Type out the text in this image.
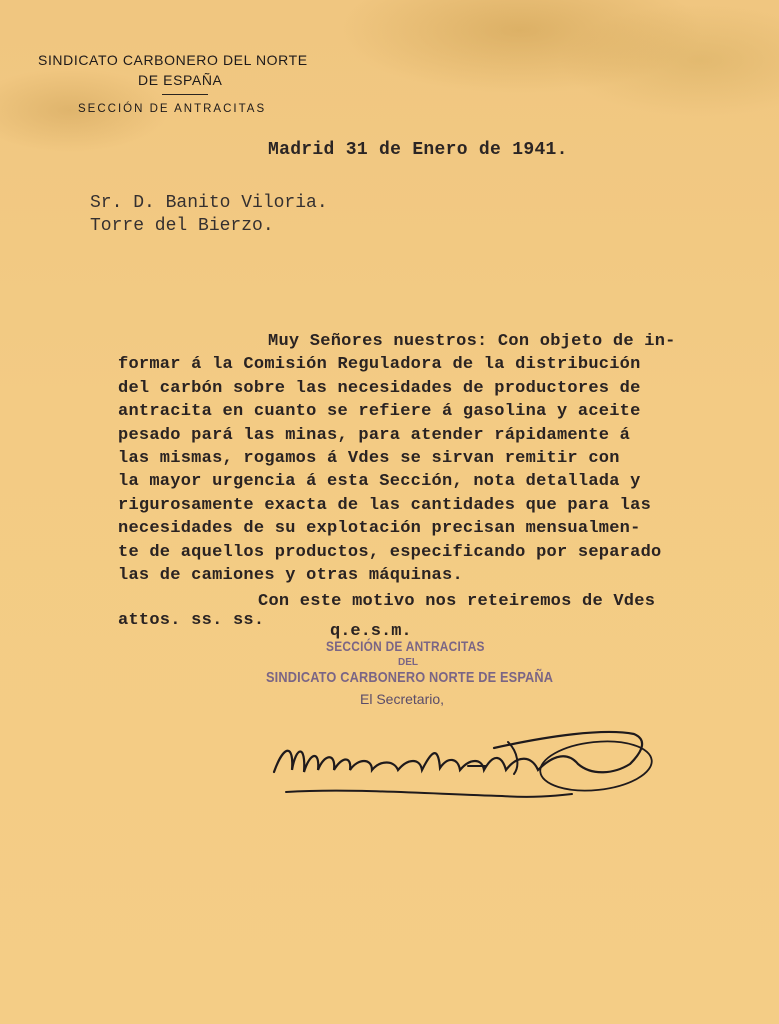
SINDICATO CARBONERO DEL NORTE
DE ESPAÑA
SECCIÓN DE ANTRACITAS
Madrid 31 de Enero de 1941.
Sr. D. Banito Viloria.
Torre del Bierzo.
Muy Señores nuestros: Con objeto de in-
formar á la Comisión Reguladora de la distribución
del carbón sobre las necesidades de productores de
antracita en cuanto se refiere á gasolina y aceite
pesado pará las minas, para atender rápidamente á
las mismas, rogamos á Vdes se sirvan remitir con
la mayor urgencia á esta Sección, nota detallada y
rigurosamente exacta de las cantidades que para las
necesidades de su explotación precisan mensualmen-
te de aquellos productos, especificando por separado
las de camiones y otras máquinas.
Con este motivo nos reteiremos de Vdes
attos. ss. ss.
q.e.s.m.
SECCIÓN DE ANTRACITAS
DEL
SINDICATO CARBONERO NORTE DE ESPAÑA
El Secretario,
